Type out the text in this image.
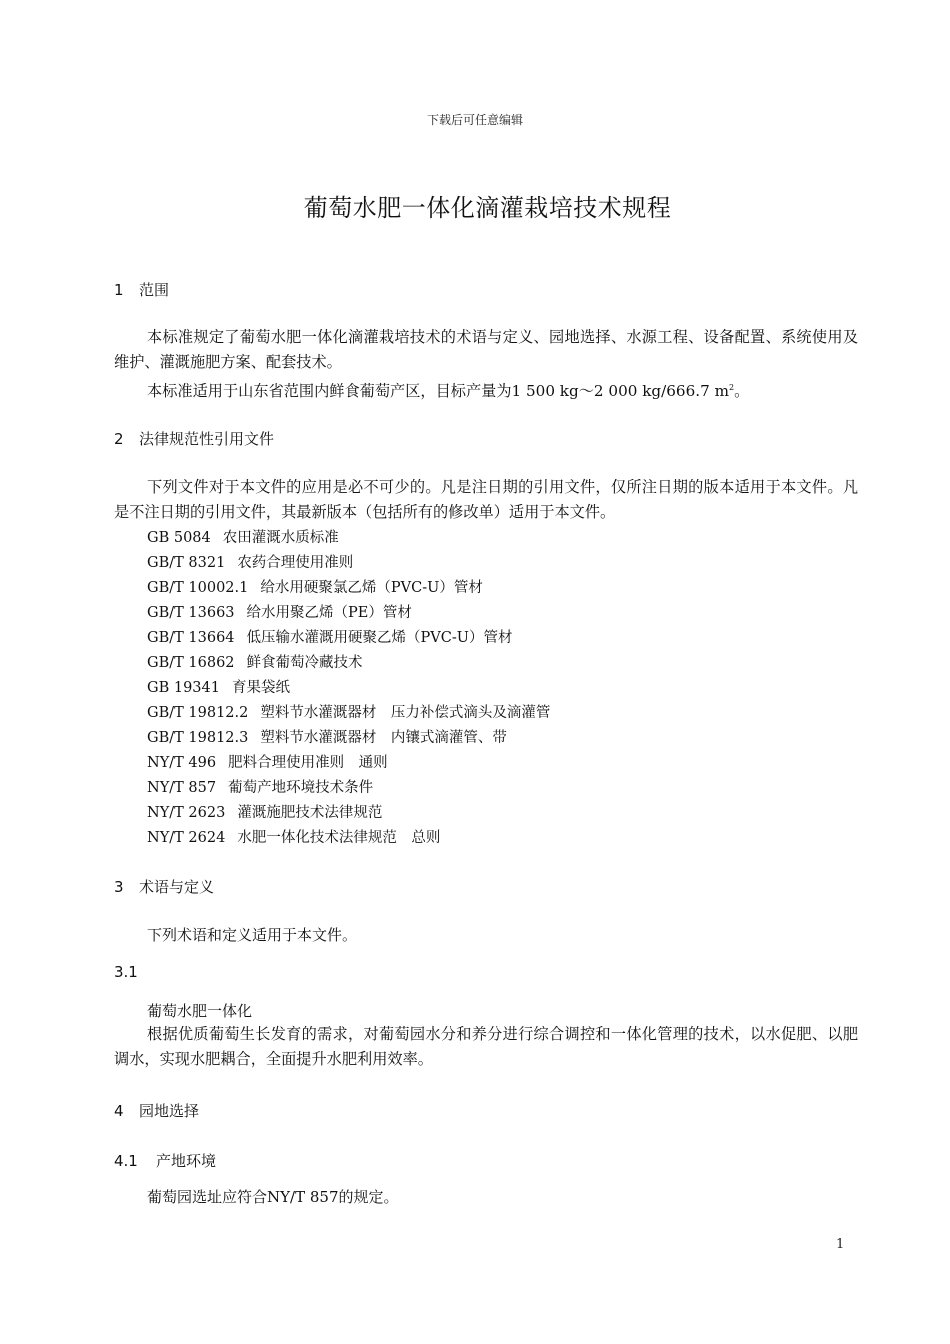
下载后可任意编辑
葡萄水肥一体化滴灌栽培技术规程
1 范围
本标准规定了葡萄水肥一体化滴灌栽培技术的术语与定义、园地选择、水源工程、设备配置、系统使用及维护、灌溉施肥方案、配套技术。
本标准适用于山东省范围内鲜食葡萄产区，目标产量为1 500 kg～2 000 kg/666.7 $m^2$。
2 法律规范性引用文件
下列文件对于本文件的应用是必不可少的。凡是注日期的引用文件，仅所注日期的版本适用于本文件。凡是不注日期的引用文件，其最新版本（包括所有的修改单）适用于本文件。
GB 5084 农田灌溉水质标准
GB/T 8321 农药合理使用准则
GB/T 10002.1 给水用硬聚氯乙烯（PVC-U）管材
GB/T 13663 给水用聚乙烯（PE）管材
GB/T 13664 低压输水灌溉用硬聚乙烯（PVC-U）管材
GB/T 16862 鲜食葡萄冷藏技术
GB 19341 育果袋纸
GB/T 19812.2 塑料节水灌溉器材　压力补偿式滴头及滴灌管
GB/T 19812.3 塑料节水灌溉器材　内镶式滴灌管、带
NY/T 496 肥料合理使用准则　通则
NY/T 857 葡萄产地环境技术条件
NY/T 2623 灌溉施肥技术法律规范
NY/T 2624 水肥一体化技术法律规范　总则
3 术语与定义
下列术语和定义适用于本文件。
3.1
葡萄水肥一体化
根据优质葡萄生长发育的需求，对葡萄园水分和养分进行综合调控和一体化管理的技术，以水促肥、以肥调水，实现水肥耦合，全面提升水肥利用效率。
4 园地选择
4.1 产地环境
葡萄园选址应符合NY/T 857的规定。
1
